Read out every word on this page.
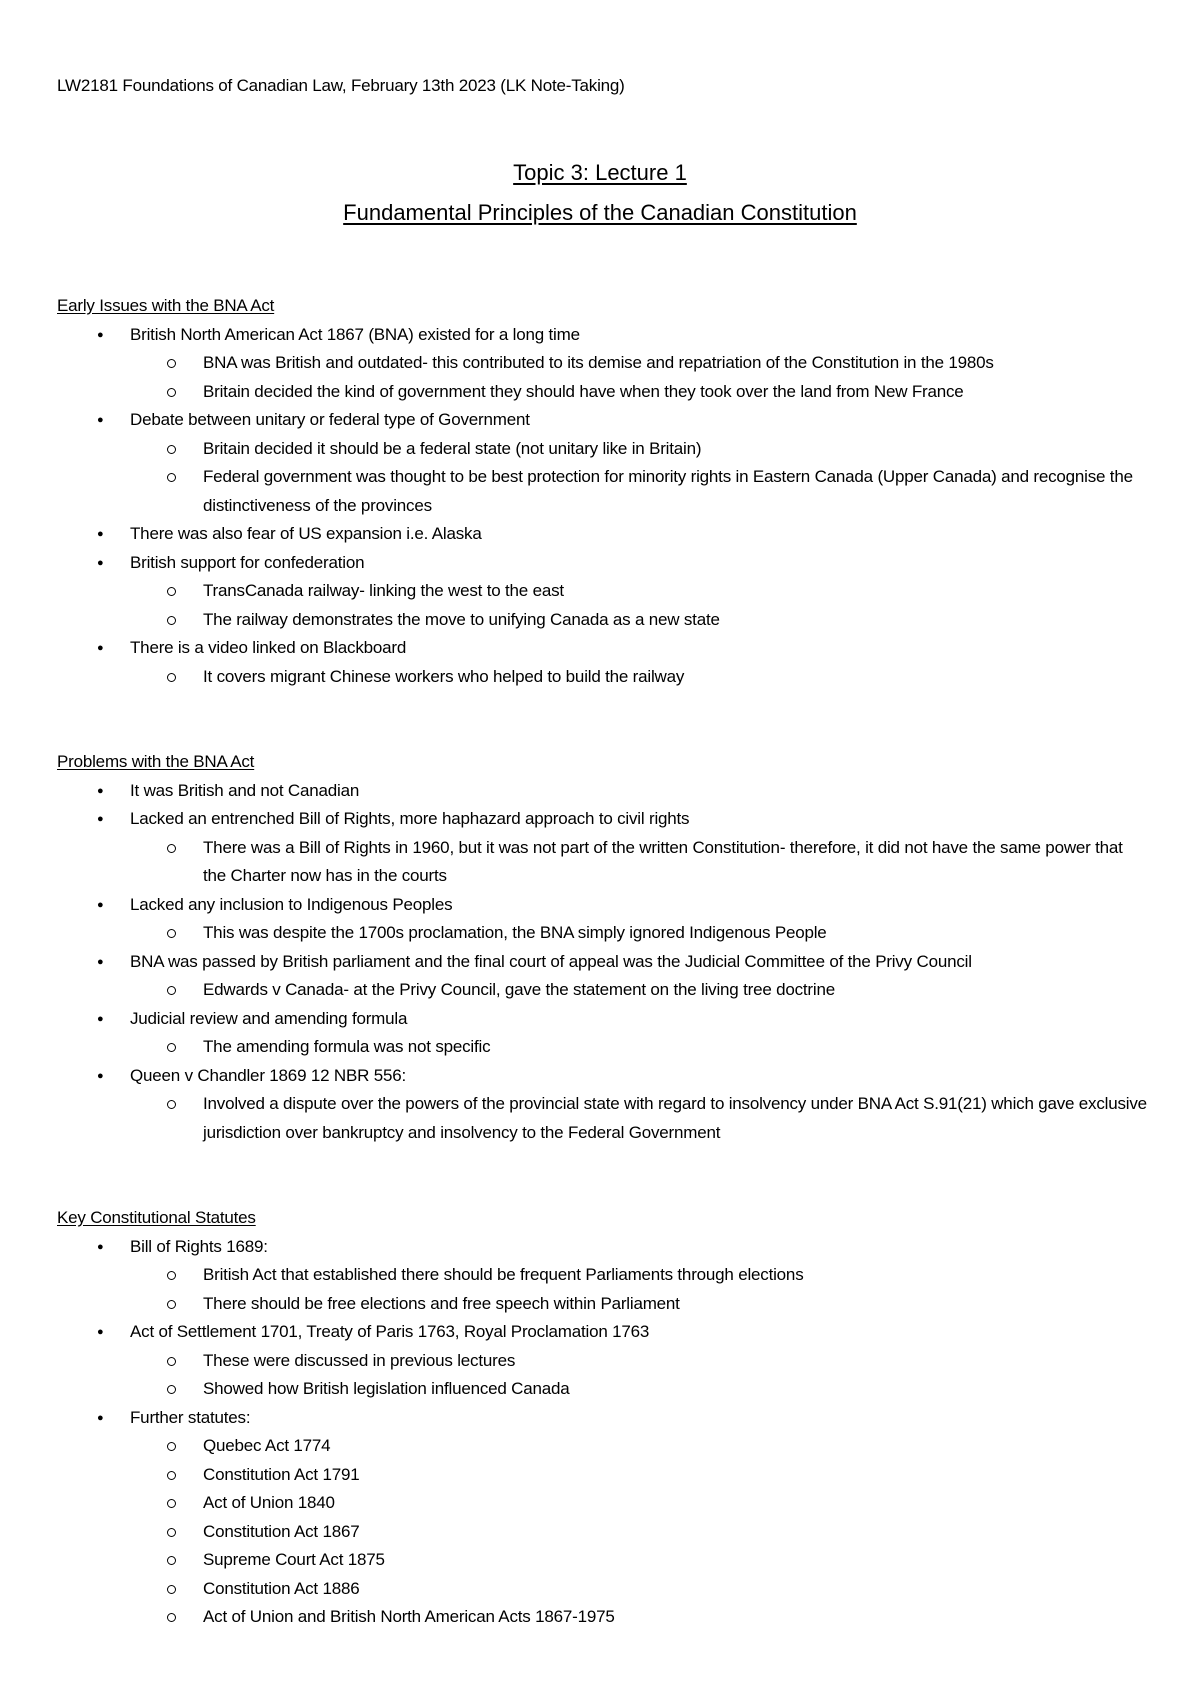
LW2181 Foundations of Canadian Law, February 13th 2023 (LK Note-Taking)
Topic 3: Lecture 1
Fundamental Principles of the Canadian Constitution
Early Issues with the BNA Act
● British North American Act 1867 (BNA) existed for a long time
BNA was British and outdated- this contributed to its demise and repatriation of the Constitution in the 1980s
Britain decided the kind of government they should have when they took over the land from New France
● Debate between unitary or federal type of Government
Britain decided it should be a federal state (not unitary like in Britain)
Federal government was thought to be best protection for minority rights in Eastern Canada (Upper Canada) and recognise the distinctiveness of the provinces
● There was also fear of US expansion i.e. Alaska
● British support for confederation
TransCanada railway- linking the west to the east
The railway demonstrates the move to unifying Canada as a new state
● There is a video linked on Blackboard
It covers migrant Chinese workers who helped to build the railway
Problems with the BNA Act
● It was British and not Canadian
● Lacked an entrenched Bill of Rights, more haphazard approach to civil rights
There was a Bill of Rights in 1960, but it was not part of the written Constitution- therefore, it did not have the same power that the Charter now has in the courts
● Lacked any inclusion to Indigenous Peoples
This was despite the 1700s proclamation, the BNA simply ignored Indigenous People
● BNA was passed by British parliament and the final court of appeal was the Judicial Committee of the Privy Council
Edwards v Canada- at the Privy Council, gave the statement on the living tree doctrine
● Judicial review and amending formula
The amending formula was not specific
● Queen v Chandler 1869 12 NBR 556:
Involved a dispute over the powers of the provincial state with regard to insolvency under BNA Act S.91(21) which gave exclusive jurisdiction over bankruptcy and insolvency to the Federal Government
Key Constitutional Statutes
● Bill of Rights 1689:
British Act that established there should be frequent Parliaments through elections
There should be free elections and free speech within Parliament
● Act of Settlement 1701, Treaty of Paris 1763, Royal Proclamation 1763
These were discussed in previous lectures
Showed how British legislation influenced Canada
● Further statutes:
Quebec Act 1774
Constitution Act 1791
Act of Union 1840
Constitution Act 1867
Supreme Court Act 1875
Constitution Act 1886
Act of Union and British North American Acts 1867-1975
